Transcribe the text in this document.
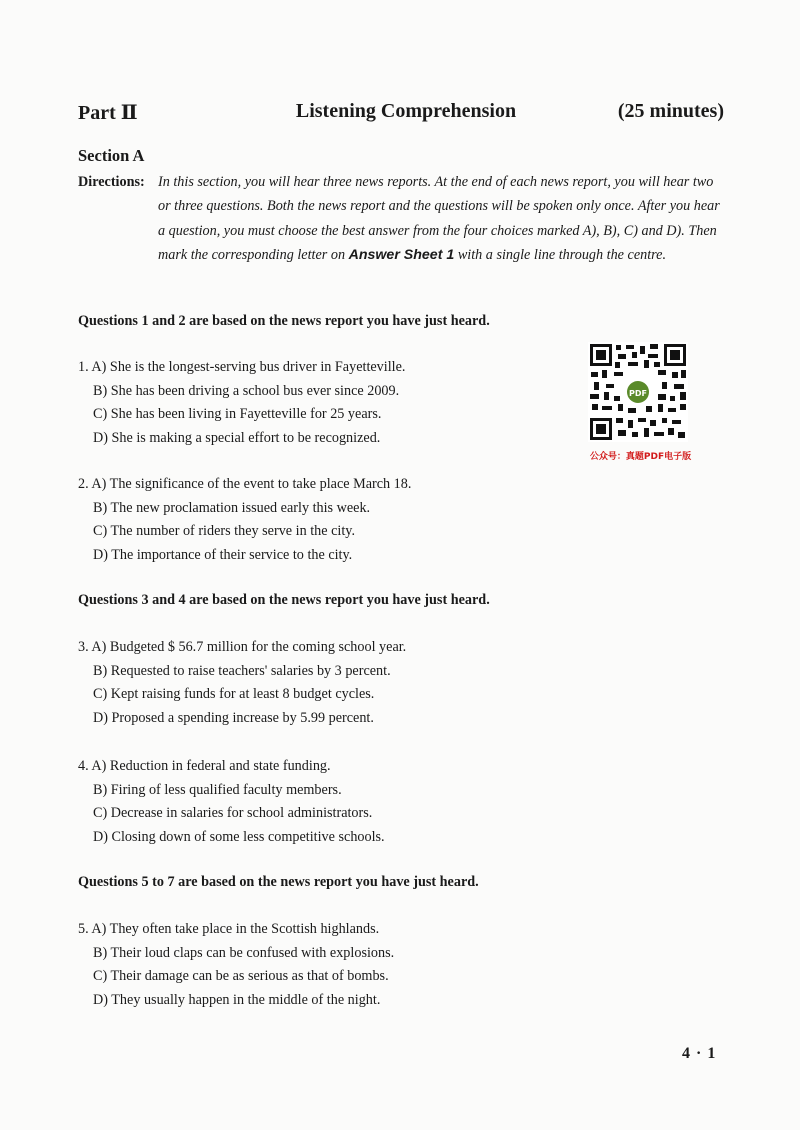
Part Ⅱ	Listening Comprehension	(25 minutes)
Section A
Directions: In this section, you will hear three news reports. At the end of each news report, you will hear two or three questions. Both the news report and the questions will be spoken only once. After you hear a question, you must choose the best answer from the four choices marked A), B), C) and D). Then mark the corresponding letter on Answer Sheet 1 with a single line through the centre.
Questions 1 and 2 are based on the news report you have just heard.
1. A) She is the longest-serving bus driver in Fayetteville.
B) She has been driving a school bus ever since 2009.
C) She has been living in Fayetteville for 25 years.
D) She is making a special effort to be recognized.
2. A) The significance of the event to take place March 18.
B) The new proclamation issued early this week.
C) The number of riders they serve in the city.
D) The importance of their service to the city.
Questions 3 and 4 are based on the news report you have just heard.
3. A) Budgeted $ 56.7 million for the coming school year.
B) Requested to raise teachers' salaries by 3 percent.
C) Kept raising funds for at least 8 budget cycles.
D) Proposed a spending increase by 5.99 percent.
4. A) Reduction in federal and state funding.
B) Firing of less qualified faculty members.
C) Decrease in salaries for school administrators.
D) Closing down of some less competitive schools.
Questions 5 to 7 are based on the news report you have just heard.
5. A) They often take place in the Scottish highlands.
B) Their loud claps can be confused with explosions.
C) Their damage can be as serious as that of bombs.
D) They usually happen in the middle of the night.
PDF
公众号：真题PDF电子版
4 · 1
